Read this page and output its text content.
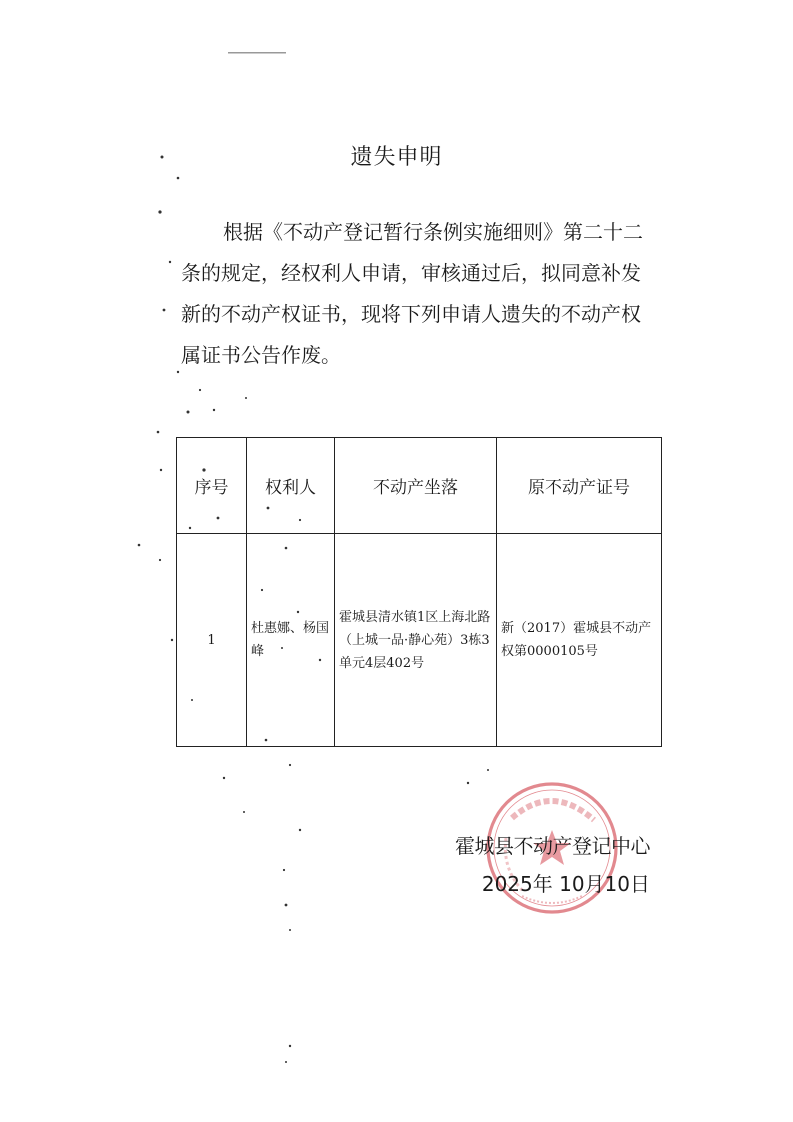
遗失申明

根据《不动产登记暂行条例实施细则》第二十二

条的规定，经权利人申请，审核通过后，拟同意补发

新的不动产权证书，现将下列申请人遗失的不动产权

属证书公告作废。

序号	权利人	不动产坐落	原不动产证号
1	杜惠娜、杨国峰	霍城县清水镇1区上海北路（上城一品·静心苑）3栋3单元4层402号	新（2017）霍城县不动产权第0000105号
霍城县不动产登记中心
2025年 10月10日
